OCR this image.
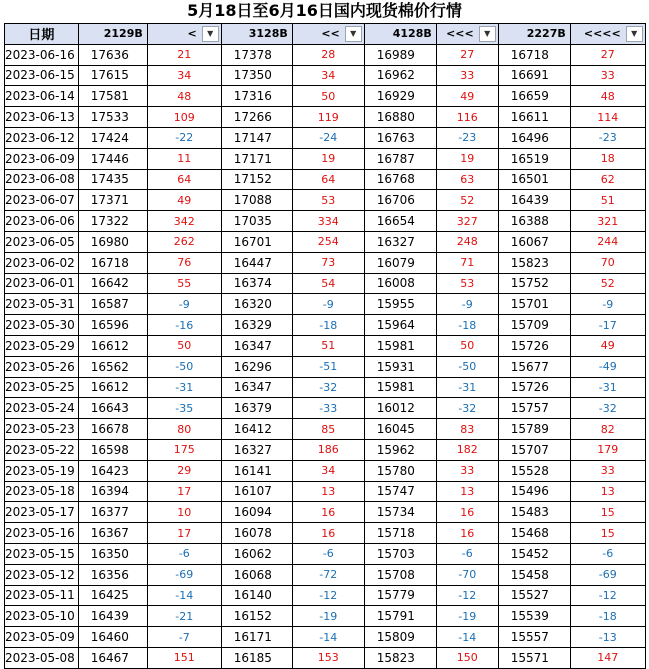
5月18日至6月16日国内现货棉价行情
日期	2129B	< ▼	3128B	<< ▼	4128B	<<< ▼	2227B	<<<< ▼

2023-06-16	17636	21	17378	28	16989	27	16718	27
2023-06-15	17615	34	17350	34	16962	33	16691	33
2023-06-14	17581	48	17316	50	16929	49	16659	48
2023-06-13	17533	109	17266	119	16880	116	16611	114
2023-06-12	17424	-22	17147	-24	16763	-23	16496	-23
2023-06-09	17446	11	17171	19	16787	19	16519	18
2023-06-08	17435	64	17152	64	16768	63	16501	62
2023-06-07	17371	49	17088	53	16706	52	16439	51
2023-06-06	17322	342	17035	334	16654	327	16388	321
2023-06-05	16980	262	16701	254	16327	248	16067	244
2023-06-02	16718	76	16447	73	16079	71	15823	70
2023-06-01	16642	55	16374	54	16008	53	15752	52
2023-05-31	16587	-9	16320	-9	15955	-9	15701	-9
2023-05-30	16596	-16	16329	-18	15964	-18	15709	-17
2023-05-29	16612	50	16347	51	15981	50	15726	49
2023-05-26	16562	-50	16296	-51	15931	-50	15677	-49
2023-05-25	16612	-31	16347	-32	15981	-31	15726	-31
2023-05-24	16643	-35	16379	-33	16012	-32	15757	-32
2023-05-23	16678	80	16412	85	16045	83	15789	82
2023-05-22	16598	175	16327	186	15962	182	15707	179
2023-05-19	16423	29	16141	34	15780	33	15528	33
2023-05-18	16394	17	16107	13	15747	13	15496	13
2023-05-17	16377	10	16094	16	15734	16	15483	15
2023-05-16	16367	17	16078	16	15718	16	15468	15
2023-05-15	16350	-6	16062	-6	15703	-6	15452	-6
2023-05-12	16356	-69	16068	-72	15708	-70	15458	-69
2023-05-11	16425	-14	16140	-12	15779	-12	15527	-12
2023-05-10	16439	-21	16152	-19	15791	-19	15539	-18
2023-05-09	16460	-7	16171	-14	15809	-14	15557	-13
2023-05-08	16467	151	16185	153	15823	150	15571	147
